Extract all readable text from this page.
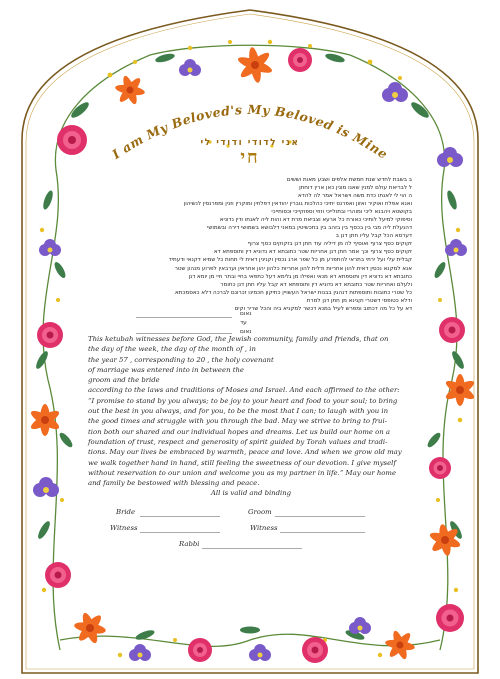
I am My Beloved's My Beloved is Mine
אני לדודי ודודי לי
חי
ב בשבת לחדש שנת חמשת אלפים ושבע מאות וששים
ל לבריאת עולם למנין שאנו מונין כאן ארץ דוחתן
ה הוי לי לאנתו כדת משה וישראל אמר לה להדא
ואנא אפלח ואוקיר ואזון ואפרנס יתיכי כהלכות גוברין יהודאין דפלחין ומוקרין וזנין ומפרנסין לנשיהון
בקושטא ויהבנא ליכי ומוהרי ובתולייכי וזוזי וספוקייכי וכסותייכי
וסיפוקי למיעל לותיכי כאורח כל ארעא וצביאת מרת דא והות ליה לאנתו ודין נדוניא
דהנעלת ליה מבי בין בכסף בין בזהב בין בתכשיטין במאני דלבושא בשמושי דירה ובשמושי
דערסא הכל קבל עליו חתן דנן ב
זקוקים כסף צרוף ואוסיף לה מן דיליה עוד חתן דנן בזקוקים כסף צרוף
זקוקים כסף צרוף וכך אמר חתן דנן אחריות שטר כתובתא דא נדוניא דין ותוספתא דא
קבלית עלי ועל ירתי בתראי להתפרע מן כל שפר ארג נכסין וקנינין דאית לי תחות כל שמיא דקנאי ודעתיד
אנא למקנא נכסין דאית להון אחריות ודלית להון אחריות כלהון יהון אחראין וערבאין לפרוע מנהון שטר
כתובתא דא נדוניא דין ותוספתא דא מנאי ואפילו מן גלימא דעל כתפאי בחיי ובתר חיי מן יומא דנן
ולעלם ואחריות שטר כתובתא דא נדוניא דין ותוספתא דא קבל עליו חתן דנן כחומר
כל שטרי כתובות ותוספתות דנהגין בבנות ישראל העשויין כתיקון חכמינו זכרונם לברכה דלא כאסמכתא
ודלא כטופסי דשטרי וקנינא מן חתן דנן למרת
דא על כל מה דכתוב ומפרש לעיל במנא דכשר למקניא ביה והכל שריר וקים
נאום
עד
נאום
This ketubah witnesses before God, the Jewish community, family and friends, that on
the day of the week, the day of the month of , in
the year 57 , corresponding to 20 , the holy covenant
of marriage was entered into in between the
groom and the bride
according to the laws and traditions of Moses and Israel. And each affirmed to the other:
“I promise to stand by you always; to be joy to your heart and food to your soul; to bring
out the best in you always, and for you, to be the most that I can; to laugh with you in
the good times and struggle with you through the bad. May we strive to bring to frui-
tion both our shared and our individual hopes and dreams. Let us build our home on a
foundation of trust, respect and generosity of spirit guided by Torah values and tradi-
tions. May our lives be embraced by warmth, peace and love. And when we grow old may
we walk together hand in hand, still feeling the sweetness of our devotion. I give myself
without reservation to our union and welcome you as my partner in life.” May our home
and family be bestowed with blessing and peace.
All is valid and binding
Bride	Groom
Witness	Witness
Rabbi
